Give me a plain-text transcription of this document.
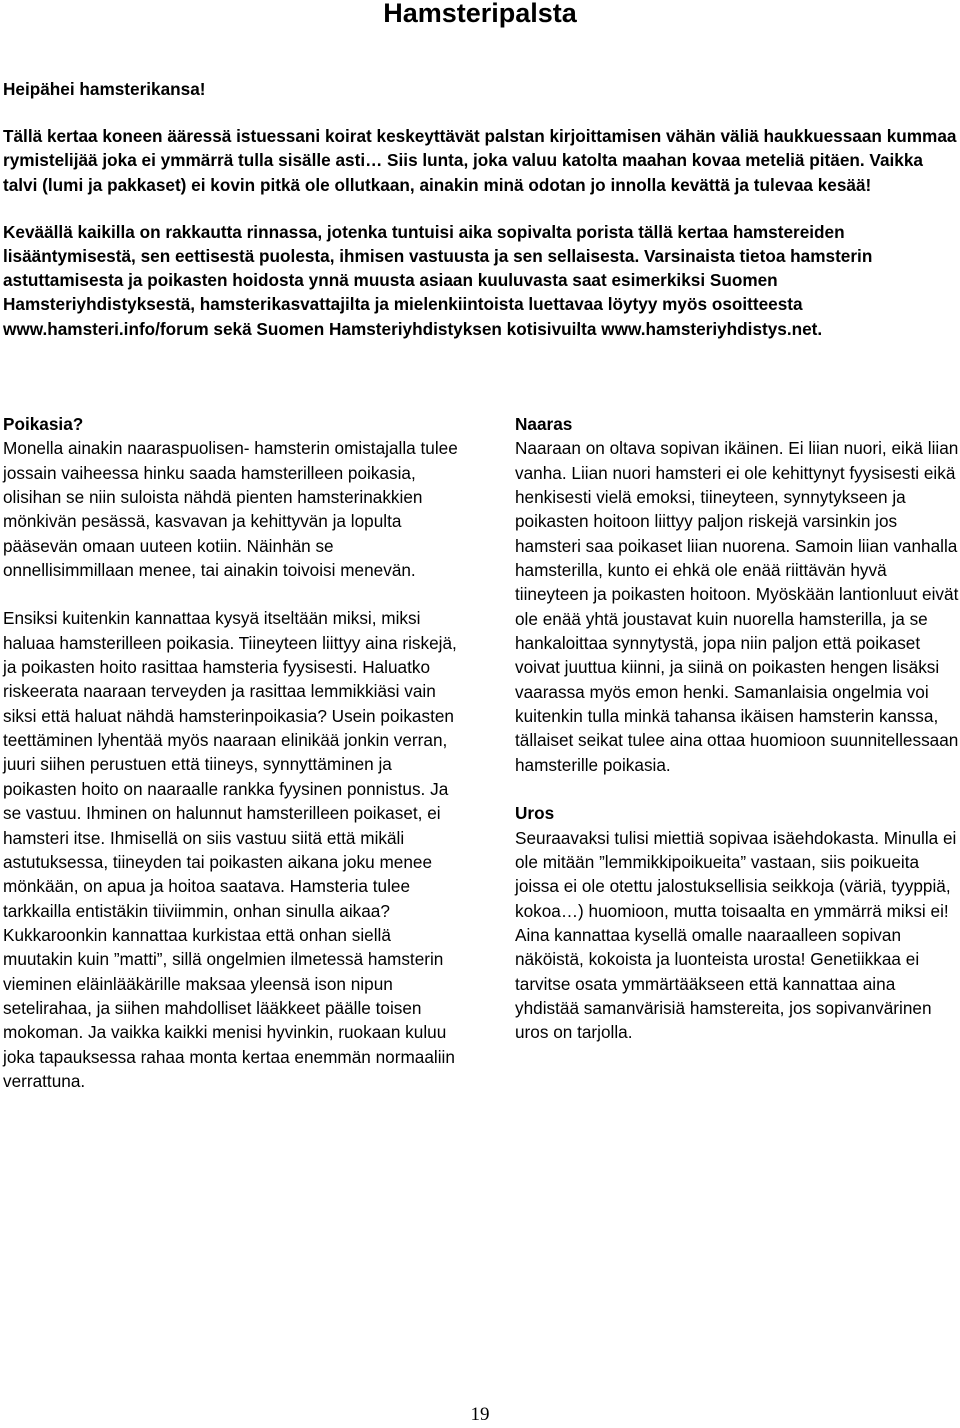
Hamsteripalsta

Heipähei hamsterikansa!

Tällä kertaa koneen ääressä istuessani koirat keskeyttävät palstan kirjoittamisen vähän väliä haukkuessaan kummaa rymistelijää joka ei ymmärrä tulla sisälle asti… Siis lunta, joka valuu katolta maahan kovaa meteliä pitäen. Vaikka talvi (lumi ja pakkaset) ei kovin pitkä ole ollutkaan, ainakin minä odotan jo innolla kevättä ja tulevaa kesää!

Keväällä kaikilla on rakkautta rinnassa, jotenka tuntuisi aika sopivalta porista tällä kertaa hamstereiden lisääntymisestä, sen eettisestä puolesta, ihmisen vastuusta ja sen sellaisesta. Varsinaista tietoa hamsterin astuttamisesta ja poikasten hoidosta ynnä muusta asiaan kuuluvasta saat esimerkiksi Suomen Hamsteriyhdistyksestä, hamsterikasvattajilta ja mielenkiintoista luettavaa löytyy myös osoitteesta www.hamsteri.info/forum sekä Suomen Hamsteriyhdistyksen kotisivuilta www.hamsteriyhdistys.net.

Poikasia?

Monella ainakin naaraspuolisen- hamsterin omistajalla tulee jossain vaiheessa hinku saada hamsterilleen poikasia, olisihan se niin suloista nähdä pienten hamsterinakkien mönkivän pesässä, kasvavan ja kehittyvän ja lopulta pääsevän omaan uuteen kotiin. Näinhän se onnellisimmillaan menee, tai ainakin toivoisi menevän.

Ensiksi kuitenkin kannattaa kysyä itseltään miksi, miksi haluaa hamsterilleen poikasia. Tiineyteen liittyy aina riskejä, ja poikasten hoito rasittaa hamsteria fyysisesti. Haluatko riskeerata naaraan terveyden ja rasittaa lemmikkiäsi vain siksi että haluat nähdä hamsterinpoikasia? Usein poikasten teettäminen lyhentää myös naaraan elinikää jonkin verran, juuri siihen perustuen että tiineys, synnyttäminen ja poikasten hoito on naaraalle rankka fyysinen ponnistus. Ja se vastuu. Ihminen on halunnut hamsterilleen poikaset, ei hamsteri itse. Ihmisellä on siis vastuu siitä että mikäli astutuksessa, tiineyden tai poikasten aikana joku menee mönkään, on apua ja hoitoa saatava. Hamsteria tulee tarkkailla entistäkin tiiviimmin, onhan sinulla aikaa? Kukkaroonkin kannattaa kurkistaa että onhan siellä muutakin kuin ”matti”, sillä ongelmien ilmetessä hamsterin vieminen eläinlääkärille maksaa yleensä ison nipun setelirahaa, ja siihen mahdolliset lääkkeet päälle toisen mokoman. Ja vaikka kaikki menisi hyvinkin, ruokaan kuluu joka tapauksessa rahaa monta kertaa enemmän normaaliin verrattuna.

Naaras

Naaraan on oltava sopivan ikäinen. Ei liian nuori, eikä liian vanha. Liian nuori hamsteri ei ole kehittynyt fyysisesti eikä henkisesti vielä emoksi, tiineyteen, synnytykseen ja poikasten hoitoon liittyy paljon riskejä varsinkin jos hamsteri saa poikaset liian nuorena. Samoin liian vanhalla hamsterilla, kunto ei ehkä ole enää riittävän hyvä tiineyteen ja poikasten hoitoon. Myöskään lantionluut eivät ole enää yhtä joustavat kuin nuorella hamsterilla, ja se hankaloittaa synnytystä, jopa niin paljon että poikaset voivat juuttua kiinni, ja siinä on poikasten hengen lisäksi vaarassa myös emon henki. Samanlaisia ongelmia voi kuitenkin tulla minkä tahansa ikäisen hamsterin kanssa, tällaiset seikat tulee aina ottaa huomioon suunnitellessaan hamsterille poikasia.

Uros

Seuraavaksi tulisi miettiä sopivaa isäehdokasta. Minulla ei ole mitään ”lemmikkipoikueita” vastaan, siis poikueita joissa ei ole otettu jalostuksellisia seikkoja (väriä, tyyppiä, kokoa…) huomioon, mutta toisaalta en ymmärrä miksi ei! Aina kannattaa kysellä omalle naaraalleen sopivan näköistä, kokoista ja luonteista urosta! Genetiikkaa ei tarvitse osata ymmärtääkseen että kannattaa aina yhdistää samanvärisiä hamstereita, jos sopivanvärinen uros on tarjolla.

19
